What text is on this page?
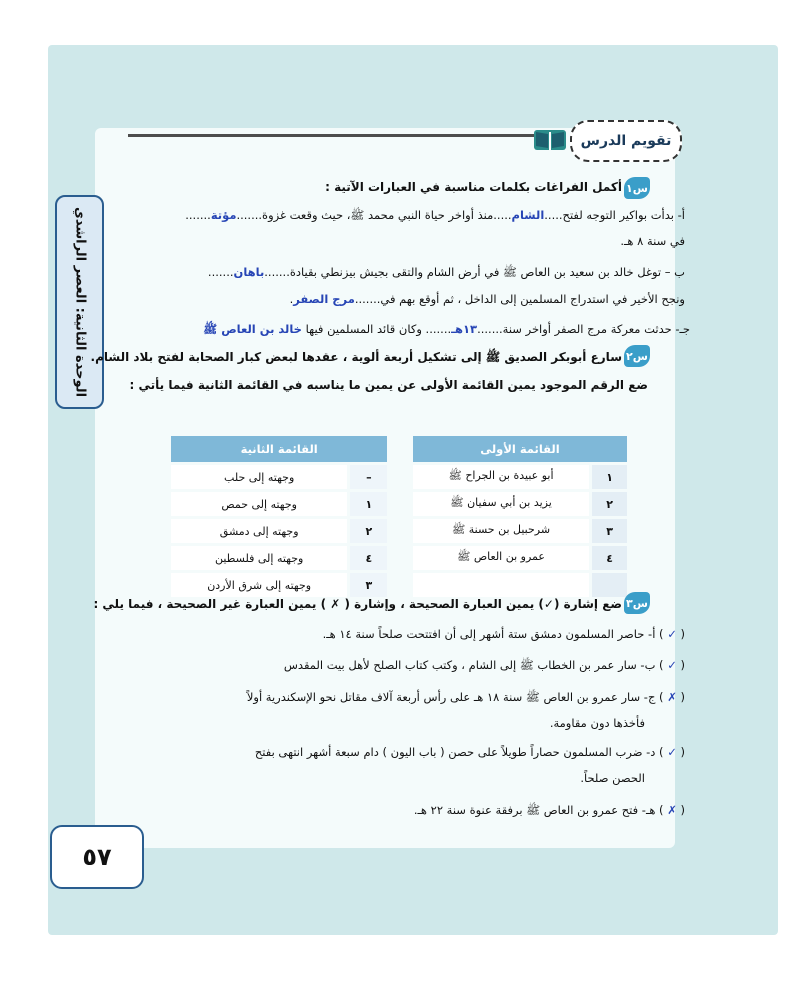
تقويم الدرس
الوحدة الثانية: العصر الراشدي
س١
أكمل الفراغات بكلمات مناسبة في العبارات الآتية :
أ- بدأت بواكير التوجه لفتح.....الشام.....منذ أواخر حياة النبي محمد ﷺ، حيث وقعت غزوة.......مؤتة.......
في سنة ٨ هـ.
ب – توغل خالد بن سعيد بن العاص ﷺ في أرض الشام والتقى بجيش بيزنطي بقيادة.......باهان.......
ونجح الأخير في استدراج المسلمين إلى الداخل ، ثم أوقع بهم في.......مرج الصفر.
جـ- حدثت معركة مرج الصفر أواخر سنة.......١٣هـ....... وكان قائد المسلمين فيها خالد بن العاص ﷺ
س٢
سارع أبوبكر الصديق ﷺ إلى تشكيل أربعة ألوية ، عقدها لبعض كبار الصحابة لفتح بلاد الشام.
ضع الرقم الموجود يمين القائمة الأولى عن يمين ما يناسبه في القائمة الثانية فيما يأتي :
القائمة الأولى			القائمة الثانية	
١	أبو عبيدة بن الجراح ﷺ		–	وجهته إلى حلب
٢	يزيد بن أبي سفيان ﷺ		١	وجهته إلى حمص
٣	شرحبيل بن حسنة ﷺ		٢	وجهته إلى دمشق
٤	عمرو بن العاص ﷺ		٤	وجهته إلى فلسطين
			٣	وجهته إلى شرق الأردن
س٣
ضع إشارة (✓) يمين العبارة الصحيحة ، وإشارة ( ✗ ) يمين العبارة غير الصحيحة ، فيما يلي :
( ✓ ) أ- حاصر المسلمون دمشق ستة أشهر إلى أن افتتحت صلحاً سنة ١٤ هـ.
( ✓ ) ب- سار عمر بن الخطاب ﷺ إلى الشام ، وكتب كتاب الصلح لأهل بيت المقدس
( ✗ ) ج- سار عمرو بن العاص ﷺ سنة ١٨ هـ على رأس أربعة آلاف مقاتل نحو الإسكندرية أولاً
فأخذها دون مقاومة.
( ✓ ) د- ضرب المسلمون حصاراً طويلاً على حصن ( باب اليون ) دام سبعة أشهر انتهى بفتح
الحصن صلحاً.
( ✗ ) هـ- فتح عمرو بن العاص ﷺ برفقة عنوة سنة ٢٢ هـ.
٥٧
